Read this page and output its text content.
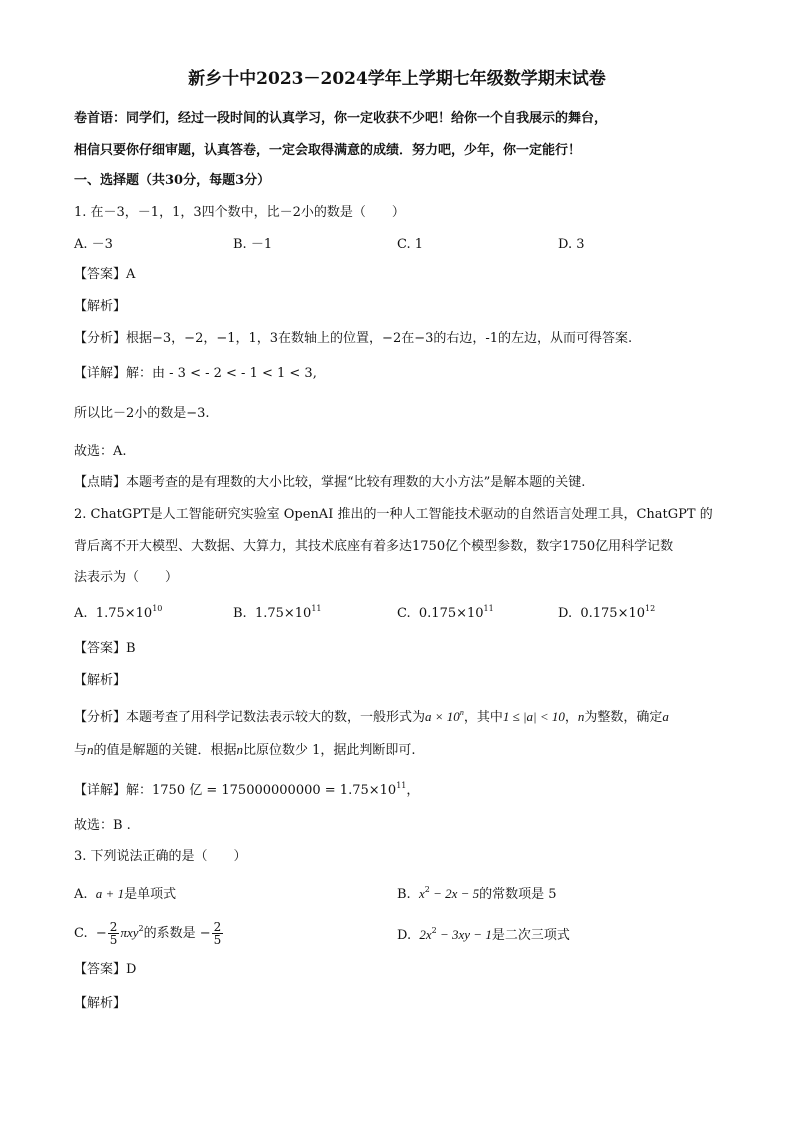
新乡十中2023－2024学年上学期七年级数学期末试卷
卷首语：同学们，经过一段时间的认真学习，你一定收获不少吧！给你一个自我展示的舞台，
相信只要你仔细审题，认真答卷，一定会取得满意的成绩．努力吧，少年，你一定能行！
一、选择题（共30分，每题3分）
1. 在－3，－1，1，3四个数中，比－2小的数是（　　）
A. －3	B. －1	C. 1	D. 3
【答案】A
【解析】
【分析】根据−3，−2，−1，1，3在数轴上的位置，−2在−3的右边，-1的左边，从而可得答案.
【详解】解：由 - 3 < - 2 < - 1 < 1 < 3,
所以比－2小的数是−3.
故选：A.
【点睛】本题考查的是有理数的大小比较，掌握“比较有理数的大小方法”是解本题的关键.
2. ChatGPT是人工智能研究实验室 OpenAI 推出的一种人工智能技术驱动的自然语言处理工具，ChatGPT 的
背后离不开大模型、大数据、大算力，其技术底座有着多达1750亿个模型参数，数字1750亿用科学记数
法表示为（　　）
A. $1.75\times 10^{10}$	B. $1.75\times 10^{11}$	C. $0.175\times 10^{11}$	D. $0.175\times 10^{12}$
【答案】B
【解析】
【分析】本题考查了用科学记数法表示较大的数，一般形式为$a \times 10^n$，其中1 ≤ |a| < 10，n为整数，确定a
与n的值是解题的关键．根据n比原位数少 1，据此判断即可.
【详解】解：1750 亿 = $175000000000 = 1.75\times 10^{11}$，
故选：B .
3. 下列说法正确的是（　　）
A. a + 1是单项式	B. $x^2 - 2x - 5$的常数项是 5
C. − $\frac{2}{5} \pi xy^2$的系数是 − $\frac{2}{5}$	D. $2x^2 - 3xy - 1$是二次三项式
【答案】D
【解析】
